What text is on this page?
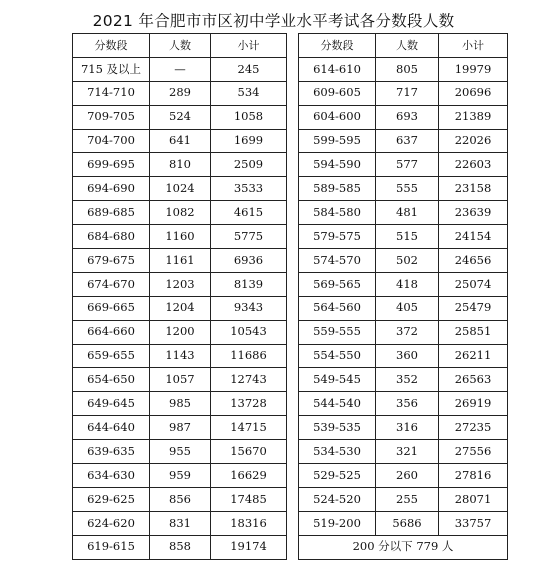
2021 年合肥市市区初中学业水平考试各分数段人数
分数段	人数	小计
715 及以上	—	245
714-710	289	534
709-705	524	1058
704-700	641	1699
699-695	810	2509
694-690	1024	3533
689-685	1082	4615
684-680	1160	5775
679-675	1161	6936
674-670	1203	8139
669-665	1204	9343
664-660	1200	10543
659-655	1143	11686
654-650	1057	12743
649-645	985	13728
644-640	987	14715
639-635	955	15670
634-630	959	16629
629-625	856	17485
624-620	831	18316
619-615	858	19174
分数段	人数	小计
614-610	805	19979
609-605	717	20696
604-600	693	21389
599-595	637	22026
594-590	577	22603
589-585	555	23158
584-580	481	23639
579-575	515	24154
574-570	502	24656
569-565	418	25074
564-560	405	25479
559-555	372	25851
554-550	360	26211
549-545	352	26563
544-540	356	26919
539-535	316	27235
534-530	321	27556
529-525	260	27816
524-520	255	28071
519-200	5686	33757
200 分以下 779 人		
